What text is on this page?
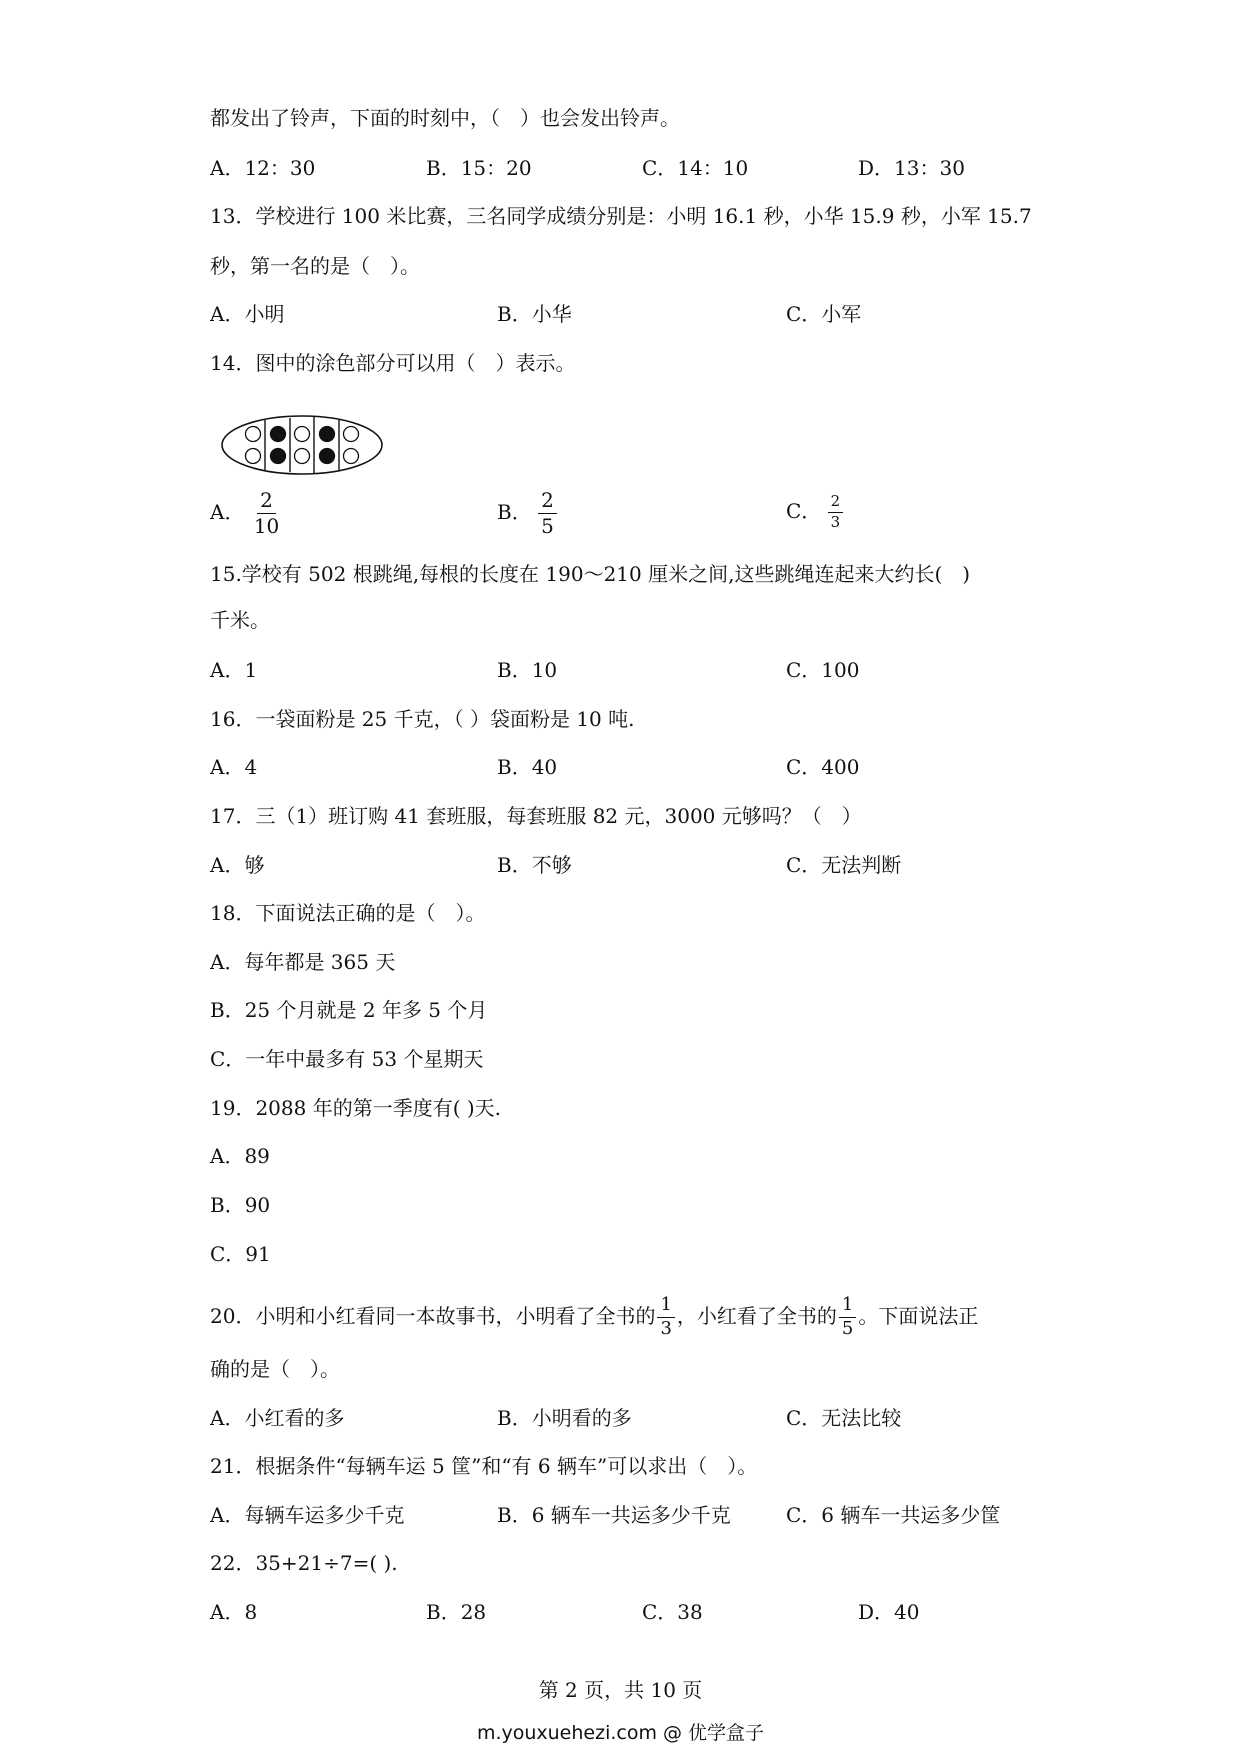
都发出了铃声，下面的时刻中，（　）也会发出铃声。
A．12：30	B．15：20	C．14：10	D．13：30
13．学校进行 100 米比赛，三名同学成绩分别是：小明 16.1 秒，小华 15.9 秒，小军 15.7
秒，第一名的是（　）。
A．小明	B．小华	C．小军
14．图中的涂色部分可以用（　）表示。
A． $\frac{2}{10}$	B． $\frac{2}{5}$	C． $\frac{2}{3}$
15.学校有 502 根跳绳,每根的长度在 190～210 厘米之间,这些跳绳连起来大约长(　)
千米。
A．1	B．10	C．100
16．一袋面粉是 25 千克，（ ）袋面粉是 10 吨.
A．4	B．40	C．400
17．三（1）班订购 41 套班服，每套班服 82 元，3000 元够吗？（　）
A．够	B．不够	C．无法判断
18．下面说法正确的是（　）。
A．每年都是 365 天
B．25 个月就是 2 年多 5 个月
C．一年中最多有 53 个星期天
19．2088 年的第一季度有( )天.
A．89
B．90
C．91
20．小明和小红看同一本故事书，小明看了全书的 $\frac{1}{3}$ ，小红看了全书的 $\frac{1}{5}$ 。下面说法正
确的是（　）。
A．小红看的多	B．小明看的多	C．无法比较
21．根据条件“每辆车运 5 筐”和“有 6 辆车”可以求出（　）。
A．每辆车运多少千克	B．6 辆车一共运多少千克	C．6 辆车一共运多少筐
22．35+21÷7=( ).
A．8	B．28	C．38	D．40
第 2 页，共 10 页
m.youxuehezi.com @ 优学盒子
